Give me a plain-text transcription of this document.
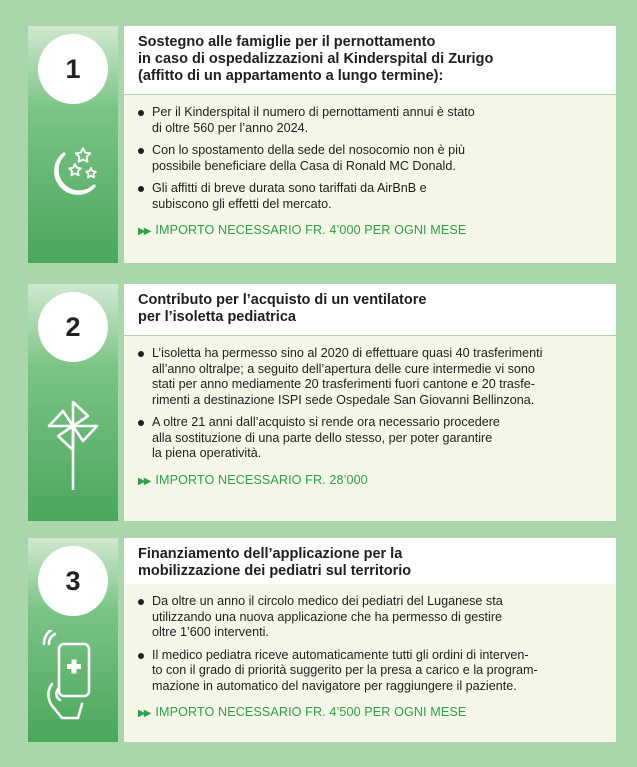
1
Sostegno alle famiglie per il pernottamento
in caso di ospedalizzazioni al Kinderspital di Zurigo
(affitto di un appartamento a lungo termine):
Per il Kinderspital il numero di pernottamenti annui è stato
di oltre 560 per l’anno 2024.
Con lo spostamento della sede del nosocomio non è più
possibile beneficiare della Casa di Ronald MC Donald.
Gli affitti di breve durata sono tariffati da AirBnB e
subiscono gli effetti del mercato.
▶▶ IMPORTO NECESSARIO FR. 4’000 PER OGNI MESE
2
Contributo per l’acquisto di un ventilatore
per l’isoletta pediatrica
L’isoletta ha permesso sino al 2020 di effettuare quasi 40 trasferimenti
all’anno oltralpe; a seguito dell’apertura delle cure intermedie vi sono
stati per anno mediamente 20 trasferimenti fuori cantone e 20 trasfe-
rimenti a destinazione ISPI sede Ospedale San Giovanni Bellinzona.
A oltre 21 anni dall’acquisto si rende ora necessario procedere
alla sostituzione di una parte dello stesso, per poter garantire
la piena operatività.
▶▶ IMPORTO NECESSARIO FR. 28’000
3
Finanziamento dell’applicazione per la
mobilizzazione dei pediatri sul territorio
Da oltre un anno il circolo medico dei pediatri del Luganese sta
utilizzando una nuova applicazione che ha permesso di gestire
oltre 1’600 interventi.
Il medico pediatra riceve automaticamente tutti gli ordini di interven-
to con il grado di priorità suggerito per la presa a carico e la program-
mazione in automatico del navigatore per raggiungere il paziente.
▶▶ IMPORTO NECESSARIO FR. 4’500 PER OGNI MESE
